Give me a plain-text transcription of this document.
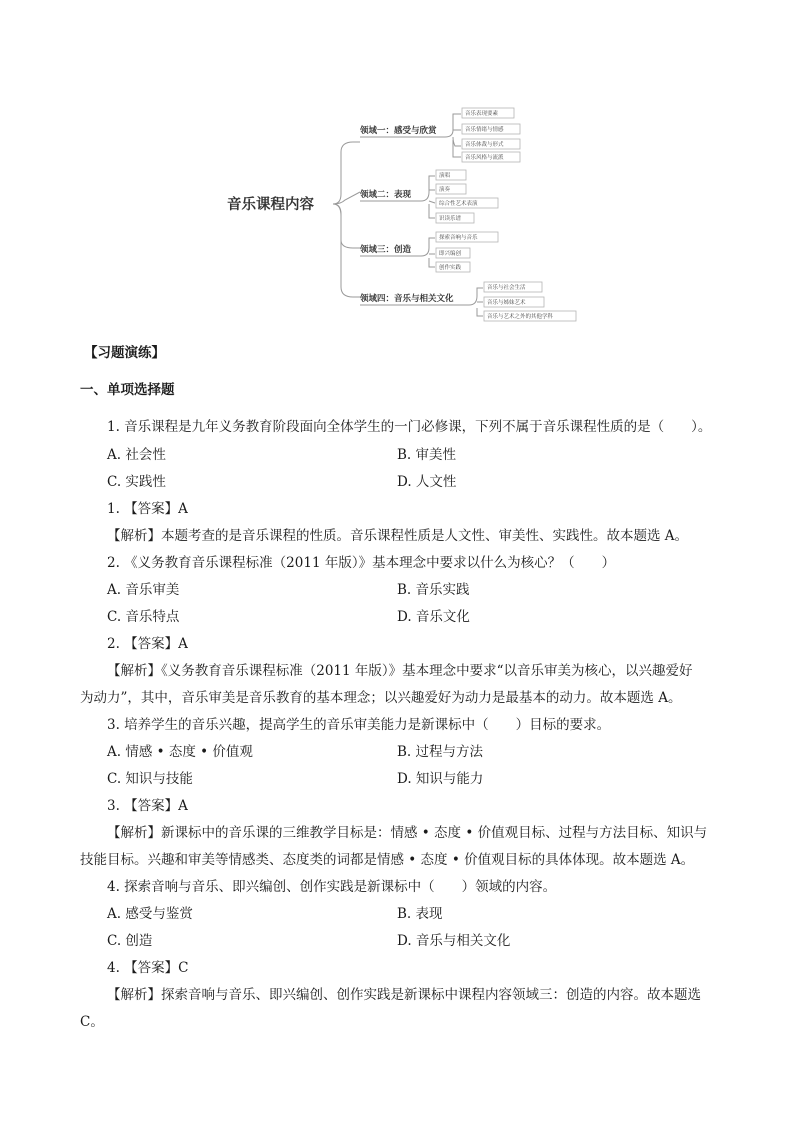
音乐课程内容
领域一：感受与欣赏
音乐表现要素
音乐情绪与情感
音乐体裁与形式
音乐风格与流派
领域二：表现
演唱
演奏
综合性艺术表演
识读乐谱
领域三：创造
探索音响与音乐
即兴编创
创作实践
领域四：音乐与相关文化
音乐与社会生活
音乐与姊妹艺术
音乐与艺术之外的其他学科
【习题演练】
一、单项选择题
1. 音乐课程是九年义务教育阶段面向全体学生的一门必修课，下列不属于音乐课程性质的是（　　）。
A. 社会性	B. 审美性
C. 实践性	D. 人文性
1. 【答案】A
【解析】本题考查的是音乐课程的性质。音乐课程性质是人文性、审美性、实践性。故本题选 A。
2. 《义务教育音乐课程标准（2011 年版）》基本理念中要求以什么为核心？（　　）
A. 音乐审美	B. 音乐实践
C. 音乐特点	D. 音乐文化
2. 【答案】A
【解析】《义务教育音乐课程标准（2011 年版）》基本理念中要求“以音乐审美为核心，以兴趣爱好
为动力”，其中，音乐审美是音乐教育的基本理念；以兴趣爱好为动力是最基本的动力。故本题选 A。
3. 培养学生的音乐兴趣，提高学生的音乐审美能力是新课标中（　　）目标的要求。
A. 情感 • 态度 • 价值观	B. 过程与方法
C. 知识与技能	D. 知识与能力
3. 【答案】A
【解析】新课标中的音乐课的三维教学目标是：情感 • 态度 • 价值观目标、过程与方法目标、知识与
技能目标。兴趣和审美等情感类、态度类的词都是情感 • 态度 • 价值观目标的具体体现。故本题选 A。
4. 探索音响与音乐、即兴编创、创作实践是新课标中（　　）领域的内容。
A. 感受与鉴赏	B. 表现
C. 创造	D. 音乐与相关文化
4. 【答案】C
【解析】探索音响与音乐、即兴编创、创作实践是新课标中课程内容领域三：创造的内容。故本题选
C。
